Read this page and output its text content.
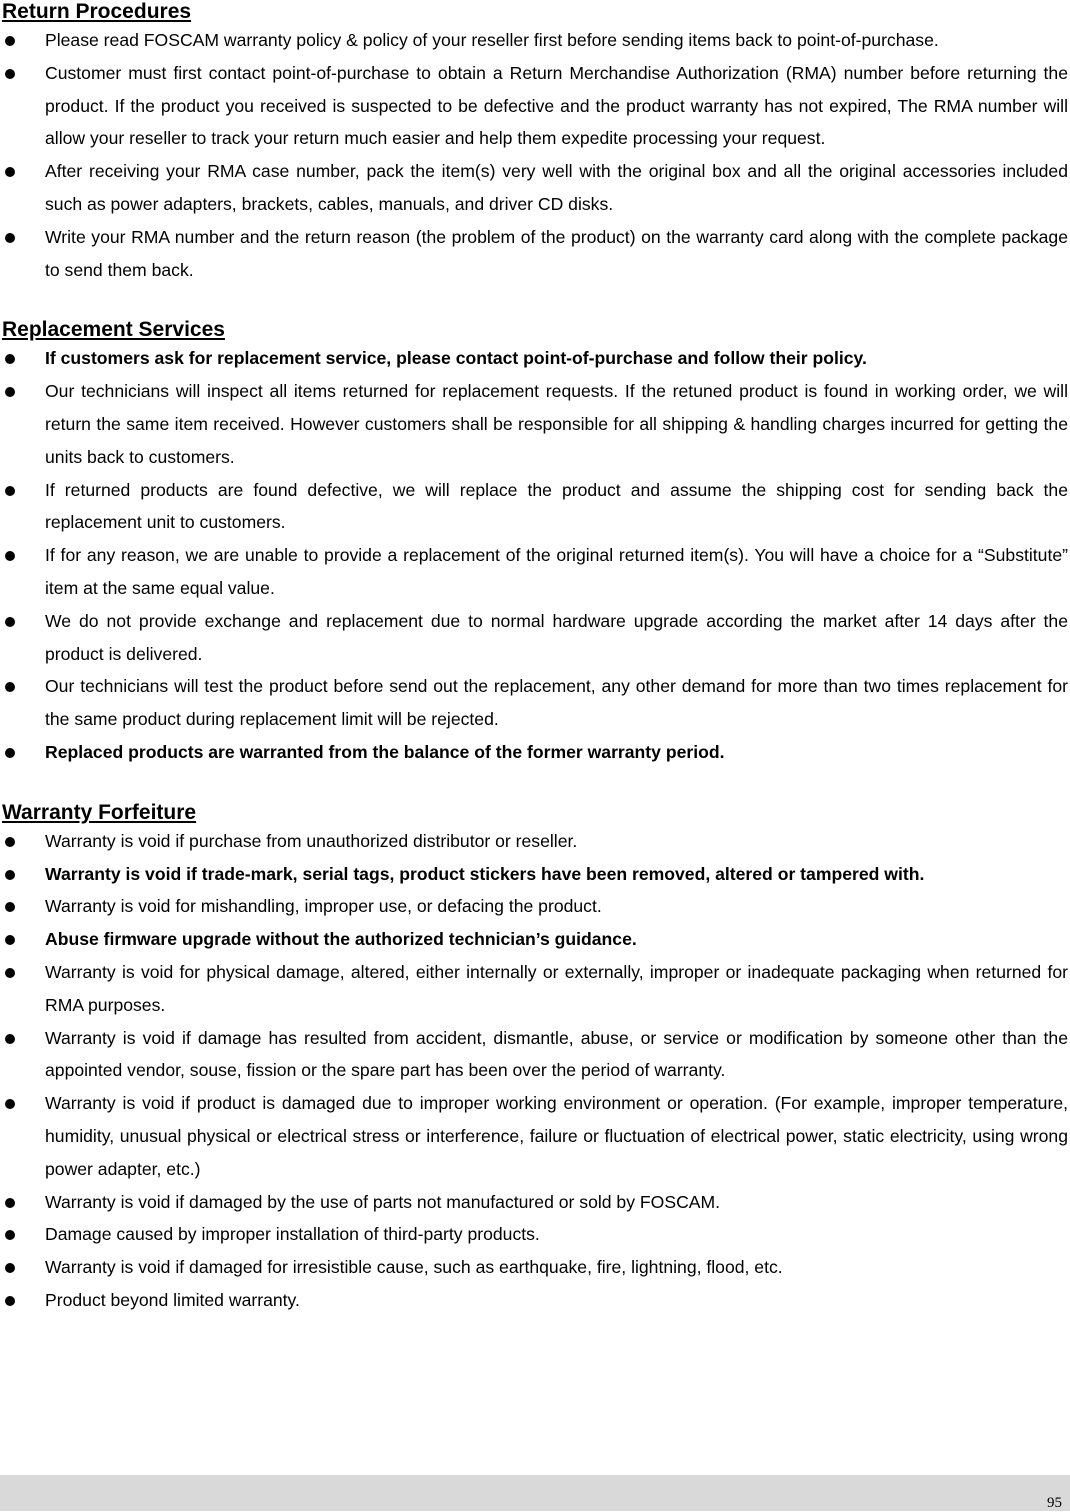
Return Procedures
Please read FOSCAM warranty policy & policy of your reseller first before sending items back to point-of-purchase.
Customer must first contact point-of-purchase to obtain a Return Merchandise Authorization (RMA) number before returning the product. If the product you received is suspected to be defective and the product warranty has not expired, The RMA number will allow your reseller to track your return much easier and help them expedite processing your request.
After receiving your RMA case number, pack the item(s) very well with the original box and all the original accessories included such as power adapters, brackets, cables, manuals, and driver CD disks.
Write your RMA number and the return reason (the problem of the product) on the warranty card along with the complete package to send them back.
Replacement Services
If customers ask for replacement service, please contact point-of-purchase and follow their policy.
Our technicians will inspect all items returned for replacement requests. If the retuned product is found in working order, we will return the same item received. However customers shall be responsible for all shipping & handling charges incurred for getting the units back to customers.
If returned products are found defective, we will replace the product and assume the shipping cost for sending back the replacement unit to customers.
If for any reason, we are unable to provide a replacement of the original returned item(s). You will have a choice for a “Substitute” item at the same equal value.
We do not provide exchange and replacement due to normal hardware upgrade according the market after 14 days after the product is delivered.
Our technicians will test the product before send out the replacement, any other demand for more than two times replacement for the same product during replacement limit will be rejected.
Replaced products are warranted from the balance of the former warranty period.
Warranty Forfeiture
Warranty is void if purchase from unauthorized distributor or reseller.
Warranty is void if trade-mark, serial tags, product stickers have been removed, altered or tampered with.
Warranty is void for mishandling, improper use, or defacing the product.
Abuse firmware upgrade without the authorized technician’s guidance.
Warranty is void for physical damage, altered, either internally or externally, improper or inadequate packaging when returned for RMA purposes.
Warranty is void if damage has resulted from accident, dismantle, abuse, or service or modification by someone other than the appointed vendor, souse, fission or the spare part has been over the period of warranty.
Warranty is void if product is damaged due to improper working environment or operation. (For example, improper temperature, humidity, unusual physical or electrical stress or interference, failure or fluctuation of electrical power, static electricity, using wrong power adapter, etc.)
Warranty is void if damaged by the use of parts not manufactured or sold by FOSCAM.
Damage caused by improper installation of third-party products.
Warranty is void if damaged for irresistible cause, such as earthquake, fire, lightning, flood, etc.
Product beyond limited warranty.
95
